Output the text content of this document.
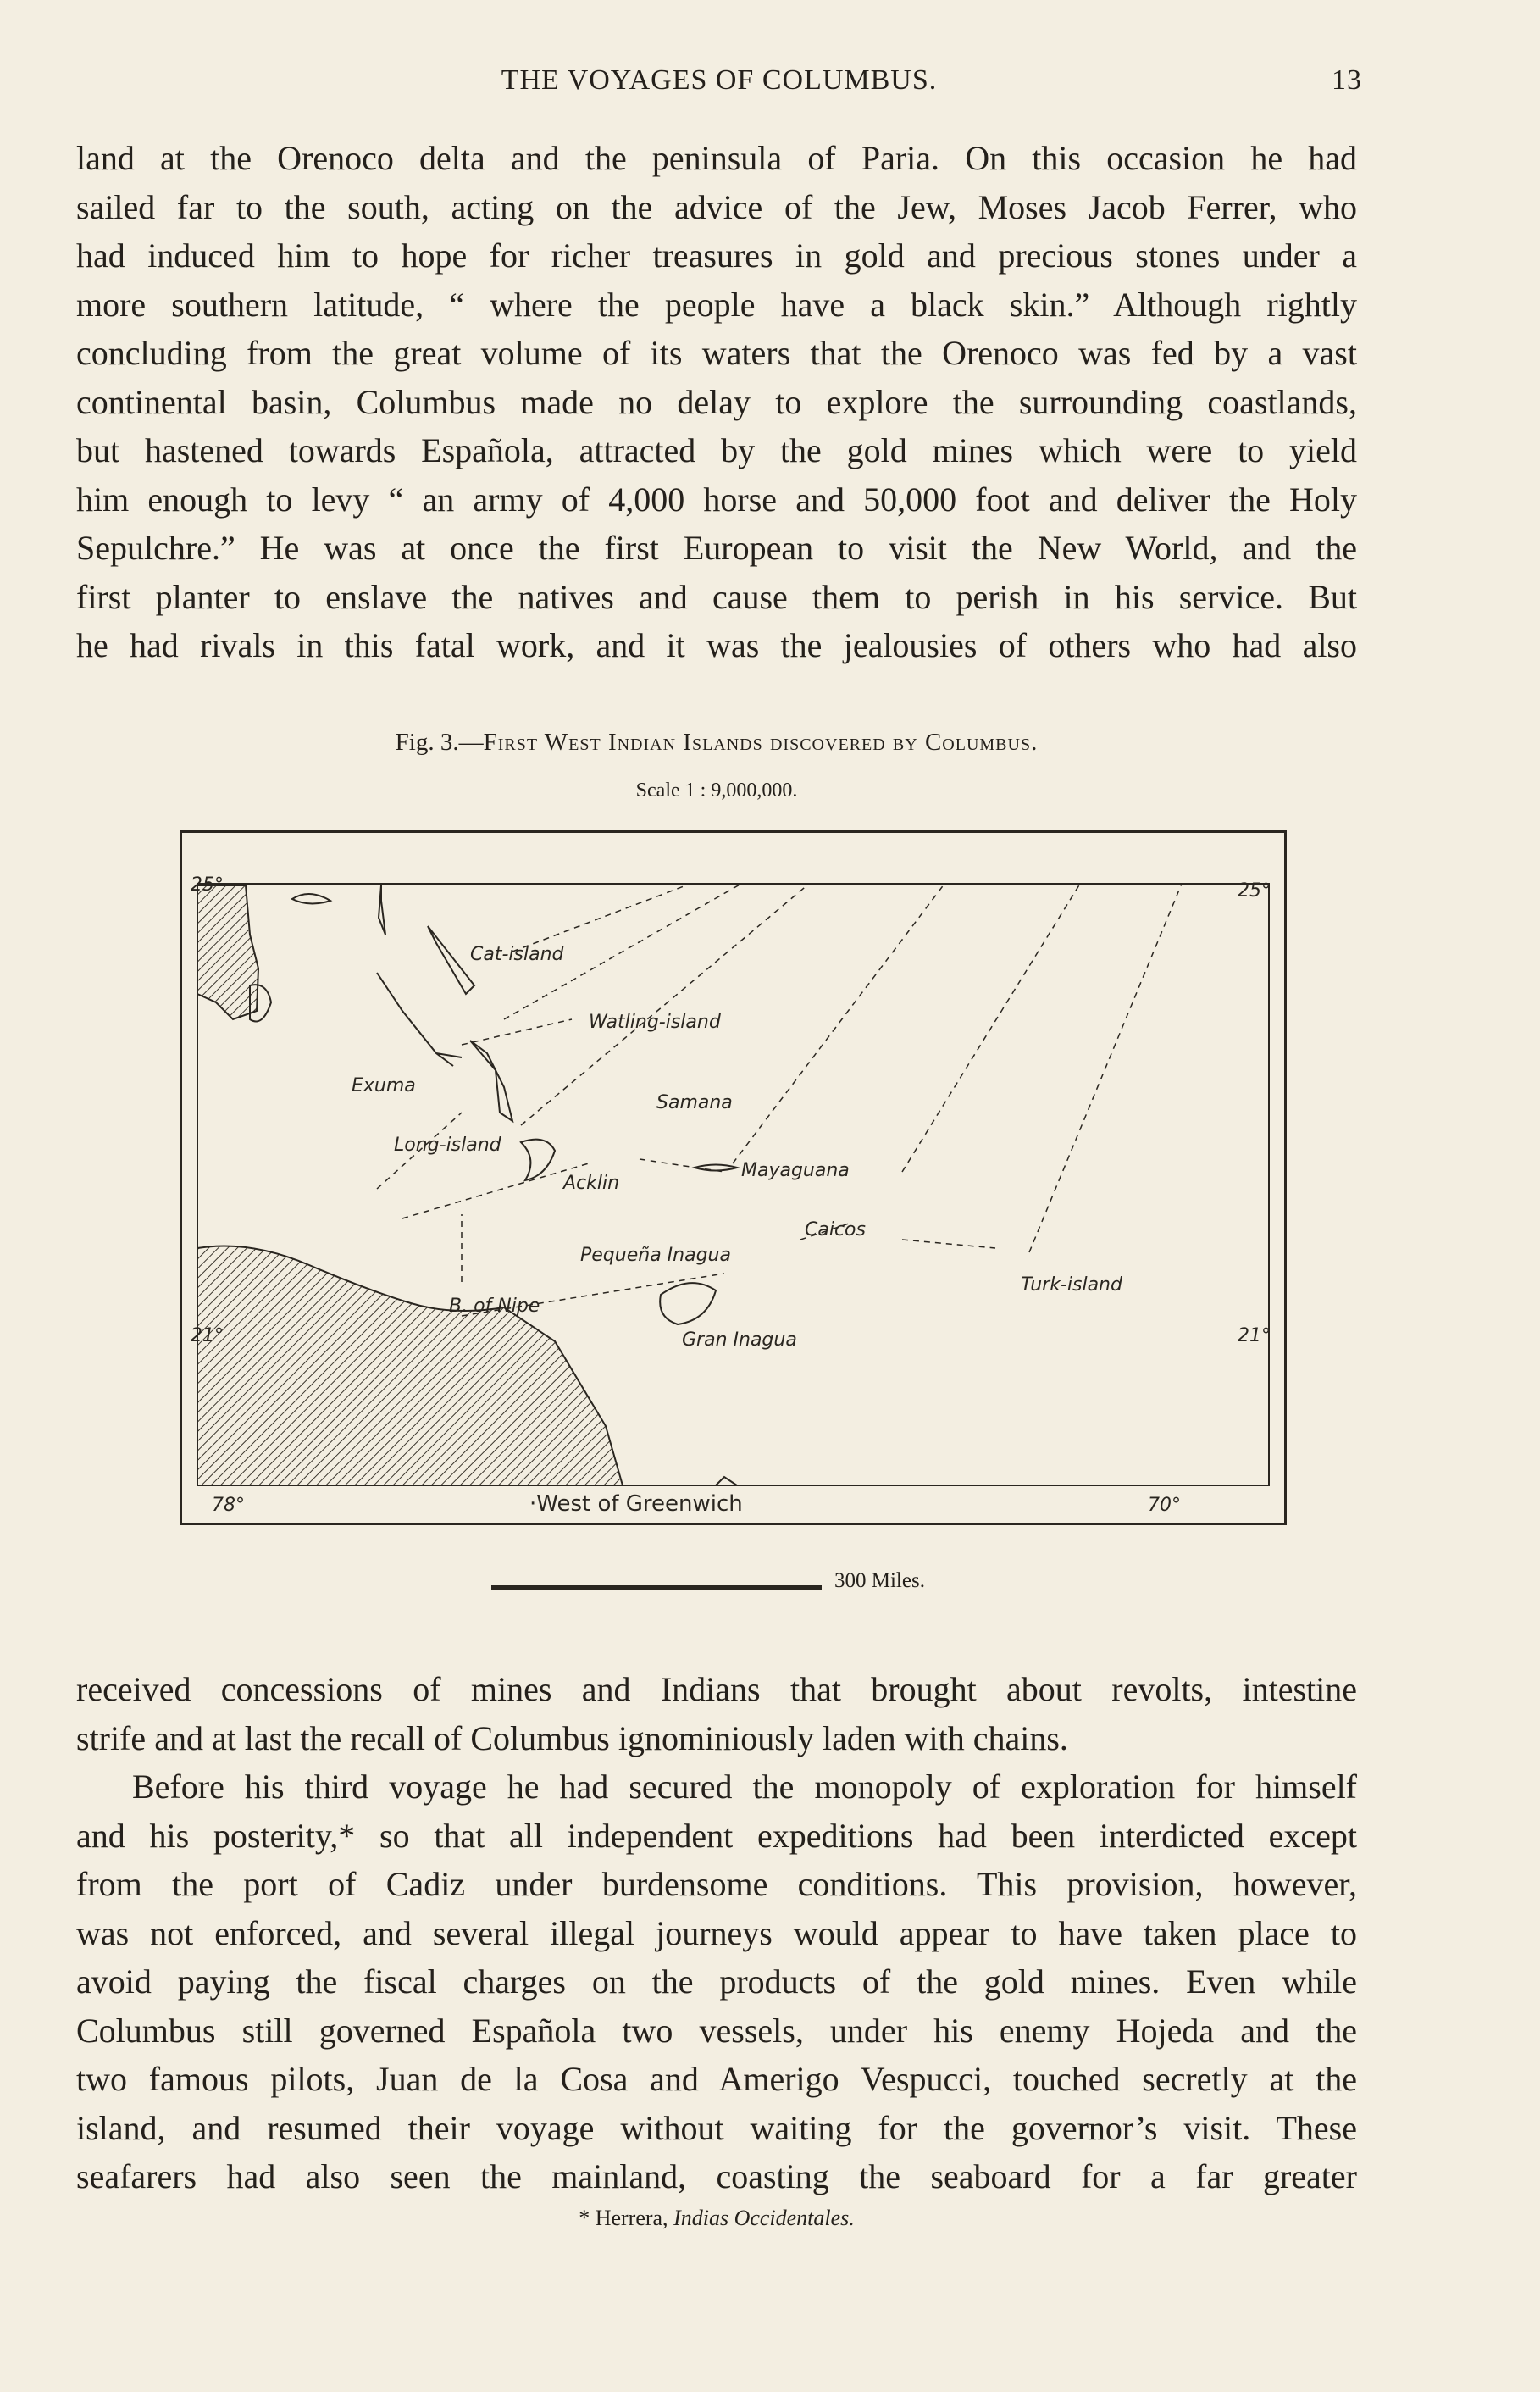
THE VOYAGES OF COLUMBUS.	13
land at the Orenoco delta and the peninsula of Paria. On this occasion he had
sailed far to the south, acting on the advice of the Jew, Moses Jacob Ferrer, who
had induced him to hope for richer treasures in gold and precious stones under a
more southern latitude, “ where the people have a black skin.” Although rightly
concluding from the great volume of its waters that the Orenoco was fed by a vast
continental basin, Columbus made no delay to explore the surrounding coastlands,
but hastened towards Española, attracted by the gold mines which were to yield
him enough to levy “ an army of 4,000 horse and 50,000 foot and deliver the Holy
Sepulchre.” He was at once the first European to visit the New World, and the
first planter to enslave the natives and cause them to perish in his service. But
he had rivals in this fatal work, and it was the jealousies of others who had also
Fig. 3.—First West Indian Islands discovered by Columbus.
Scale 1 : 9,000,000.
25°	25°
21°	21°
78°	70°
·West of Greenwich
Cat-island
Watling-island
Exuma
Samana
Long-island
Mayaguana
Acklin
Caicos
Pequeña Inagua
Turk-island
B. of Nipe
Gran Inagua
300 Miles.
received concessions of mines and Indians that brought about revolts, intestine
strife and at last the recall of Columbus ignominiously laden with chains.
Before his third voyage he had secured the monopoly of exploration for himself
and his posterity,* so that all independent expeditions had been interdicted except
from the port of Cadiz under burdensome conditions. This provision, however,
was not enforced, and several illegal journeys would appear to have taken place to
avoid paying the fiscal charges on the products of the gold mines. Even while
Columbus still governed Española two vessels, under his enemy Hojeda and the
two famous pilots, Juan de la Cosa and Amerigo Vespucci, touched secretly at the
island, and resumed their voyage without waiting for the governor’s visit. These
seafarers had also seen the mainland, coasting the seaboard for a far greater
* Herrera, Indias Occidentales.
